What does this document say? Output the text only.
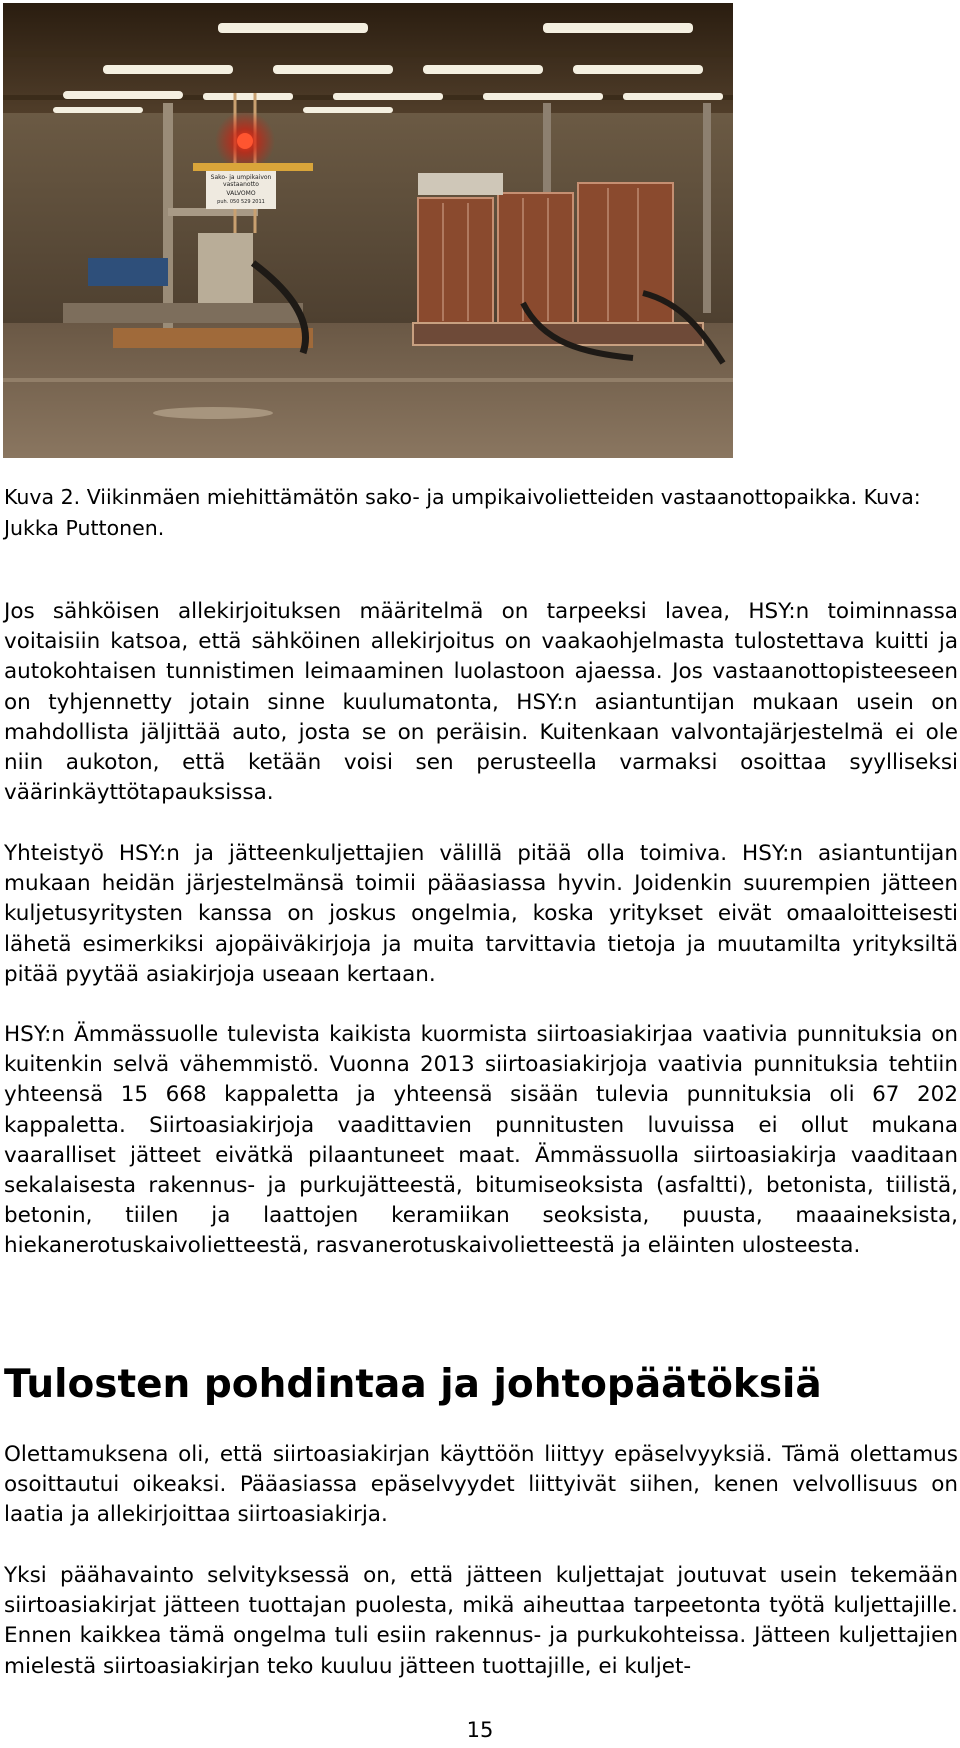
Sako- ja umpikaivon
vastaanotto
VALVOMO
puh. 050 529 2011
Kuva 2. Viikinmäen miehittämätön sako- ja umpikaivolietteiden vastaanottopaikka. Kuva:
Jukka Puttonen.

Jos sähköisen allekirjoituksen määritelmä on tarpeeksi lavea, HSY:n toiminnassa voitaisiin katsoa, että sähköinen allekirjoitus on vaakaohjelmasta tulostettava kuitti ja autokohtaisen tunnistimen leimaaminen luolastoon ajaessa. Jos vastaanottopisteeseen on tyhjennetty jotain sinne kuulumatonta, HSY:n asiantuntijan mukaan usein on mahdollista jäljittää auto, josta se on peräisin. Kuitenkaan valvontajärjestelmä ei ole niin aukoton, että ketään voisi sen perusteella varmaksi osoittaa syylliseksi väärinkäyttötapauksissa.

Yhteistyö HSY:n ja jätteenkuljettajien välillä pitää olla toimiva. HSY:n asiantuntijan mukaan heidän järjestelmänsä toimii pääasiassa hyvin. Joidenkin suurempien jätteen kuljetusyritysten kanssa on joskus ongelmia, koska yritykset eivät omaaloitteisesti lähetä esimerkiksi ajopäiväkirjoja ja muita tarvittavia tietoja ja muutamilta yrityksiltä pitää pyytää asiakirjoja useaan kertaan.

HSY:n Ämmässuolle tulevista kaikista kuormista siirtoasiakirjaa vaativia punnituksia on kuitenkin selvä vähemmistö. Vuonna 2013 siirtoasiakirjoja vaativia punnituksia tehtiin yhteensä 15 668 kappaletta ja yhteensä sisään tulevia punnituksia oli 67 202 kappaletta. Siirtoasiakirjoja vaadittavien punnitusten luvuissa ei ollut mukana vaaralliset jätteet eivätkä pilaantuneet maat. Ämmässuolla siirtoasiakirja vaaditaan sekalaisesta rakennus- ja purkujätteestä, bitumiseoksista (asfaltti), betonista, tiilistä, betonin, tiilen ja laattojen keramiikan seoksista, puusta, maaaineksista, hiekanerotuskaivolietteestä, rasvanerotuskaivolietteestä ja eläinten ulosteesta.

Tulosten pohdintaa ja johtopäätöksiä

Olettamuksena oli, että siirtoasiakirjan käyttöön liittyy epäselvyyksiä. Tämä olettamus osoittautui oikeaksi. Pääasiassa epäselvyydet liittyivät siihen, kenen velvollisuus on laatia ja allekirjoittaa siirtoasiakirja.

Yksi päähavainto selvityksessä on, että jätteen kuljettajat joutuvat usein tekemään siirtoasiakirjat jätteen tuottajan puolesta, mikä aiheuttaa tarpeetonta työtä kuljettajille. Ennen kaikkea tämä ongelma tuli esiin rakennus- ja purkukohteissa. Jätteen kuljettajien mielestä siirtoasiakirjan teko kuuluu jätteen tuottajille, ei kuljet-

15
